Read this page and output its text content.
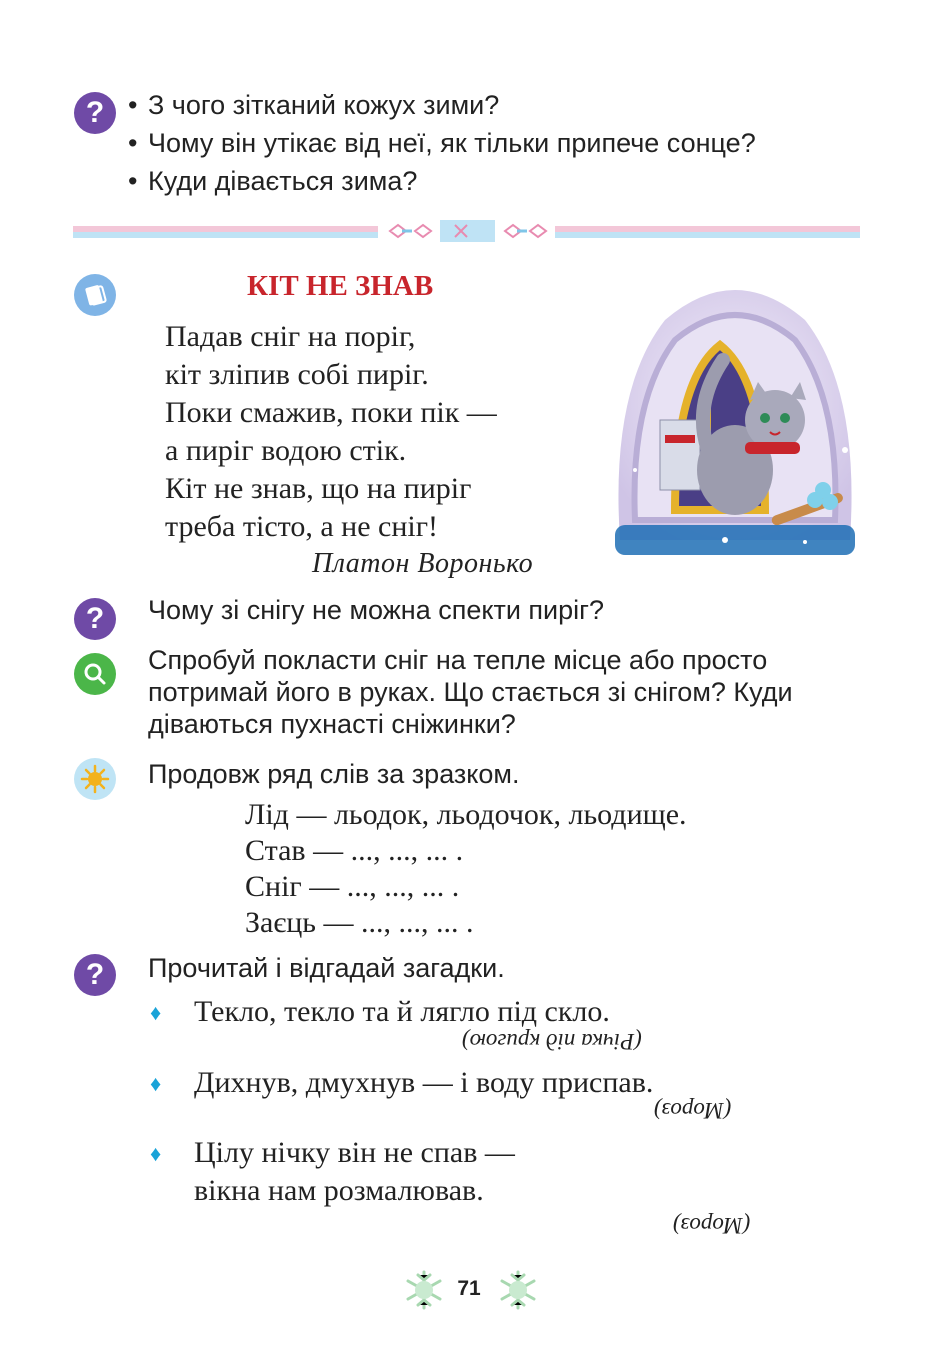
? • З чого зітканий кожух зими?
• Чому він утікає від неї, як тільки припече сонце?
• Куди дівається зима?
КІТ НЕ ЗНАВ
Падав сніг на поріг,
кіт зліпив собі пиріг.
Поки смажив, поки пік —
а пиріг водою стік.
Кіт не знав, що на пиріг
треба тісто, а не сніг!
Платон Воронько
?	Чому зі снігу не можна спекти пиріг?
Спробуй покласти сніг на тепле місце або просто
потримай його в руках. Що стається зі снігом? Куди
діваються пухнасті сніжинки?
Продовж ряд слів за зразком.
Лід — льодок, льодочок, льодище.
Став — ..., ..., ... .
Сніг — ..., ..., ... .
Заєць — ..., ..., ... .
?	Прочитай і відгадай загадки.
♦ Текло, текло та й лягло під скло.
(Річка під кригою)
♦ Дихнув, дмухнув — і воду приспав.
(Мороз)
♦ Цілу нічку він не спав —
вікна нам розмалював.
(Мороз)
71
